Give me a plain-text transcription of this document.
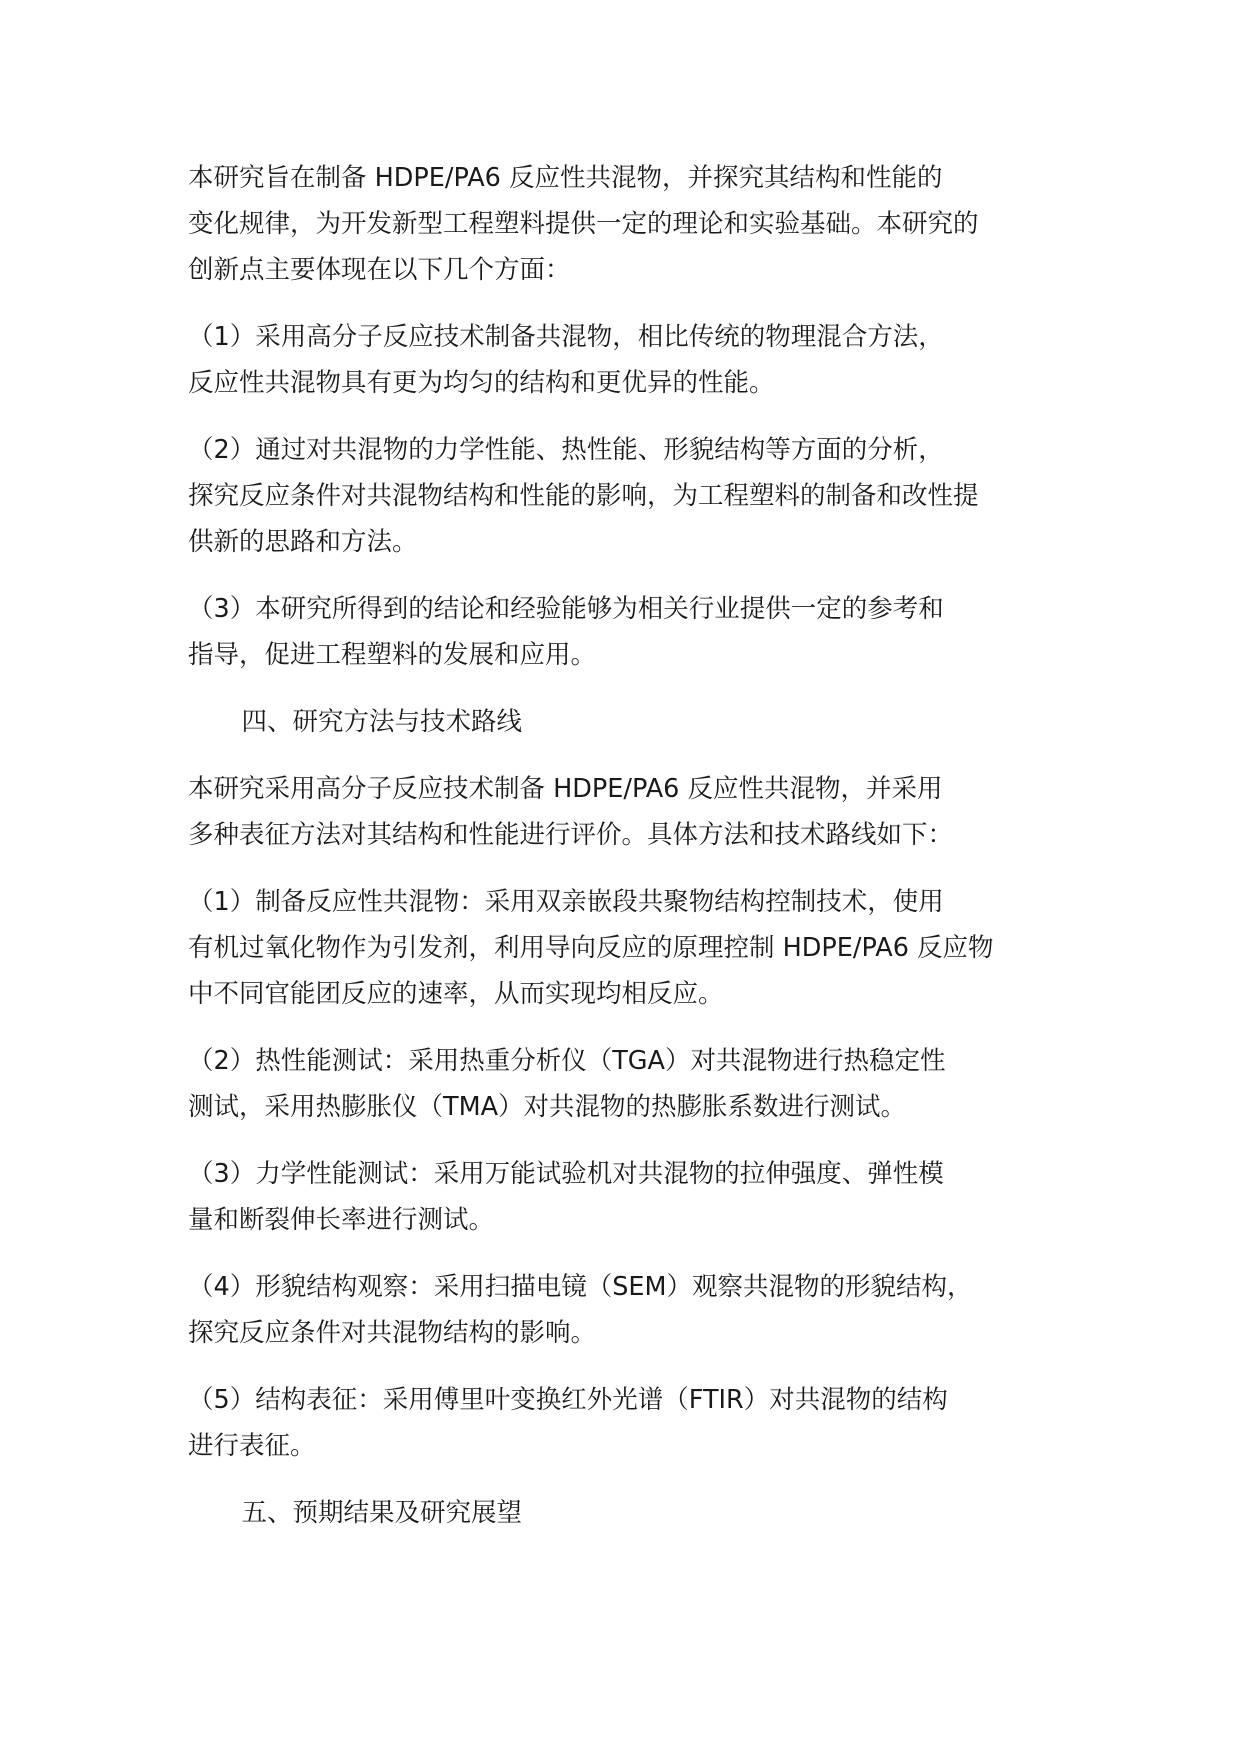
本研究旨在制备 HDPE/PA6 反应性共混物，并探究其结构和性能的
变化规律，为开发新型工程塑料提供一定的理论和实验基础。本研究的
创新点主要体现在以下几个方面：

（1）采用高分子反应技术制备共混物，相比传统的物理混合方法，
反应性共混物具有更为均匀的结构和更优异的性能。

（2）通过对共混物的力学性能、热性能、形貌结构等方面的分析，
探究反应条件对共混物结构和性能的影响，为工程塑料的制备和改性提
供新的思路和方法。

（3）本研究所得到的结论和经验能够为相关行业提供一定的参考和
指导，促进工程塑料的发展和应用。

四、研究方法与技术路线

本研究采用高分子反应技术制备 HDPE/PA6 反应性共混物，并采用
多种表征方法对其结构和性能进行评价。具体方法和技术路线如下：

（1）制备反应性共混物：采用双亲嵌段共聚物结构控制技术，使用
有机过氧化物作为引发剂，利用导向反应的原理控制 HDPE/PA6 反应物
中不同官能团反应的速率，从而实现均相反应。

（2）热性能测试：采用热重分析仪（TGA）对共混物进行热稳定性
测试，采用热膨胀仪（TMA）对共混物的热膨胀系数进行测试。

（3）力学性能测试：采用万能试验机对共混物的拉伸强度、弹性模
量和断裂伸长率进行测试。

（4）形貌结构观察：采用扫描电镜（SEM）观察共混物的形貌结构，
探究反应条件对共混物结构的影响。

（5）结构表征：采用傅里叶变换红外光谱（FTIR）对共混物的结构
进行表征。

五、预期结果及研究展望
